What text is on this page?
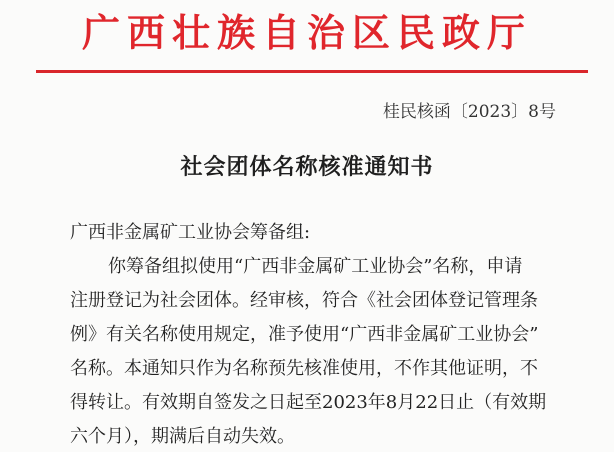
广西壮族自治区民政厅
桂民核函〔2023〕8号
社会团体名称核准通知书
广西非金属矿工业协会筹备组:
你筹备组拟使用“广西非金属矿工业协会”名称，申请
注册登记为社会团体。经审核，符合《社会团体登记管理条
例》有关名称使用规定，准予使用“广西非金属矿工业协会”
名称。本通知只作为名称预先核准使用，不作其他证明，不
得转让。有效期自签发之日起至2023年8月22日止（有效期
六个月），期满后自动失效。
